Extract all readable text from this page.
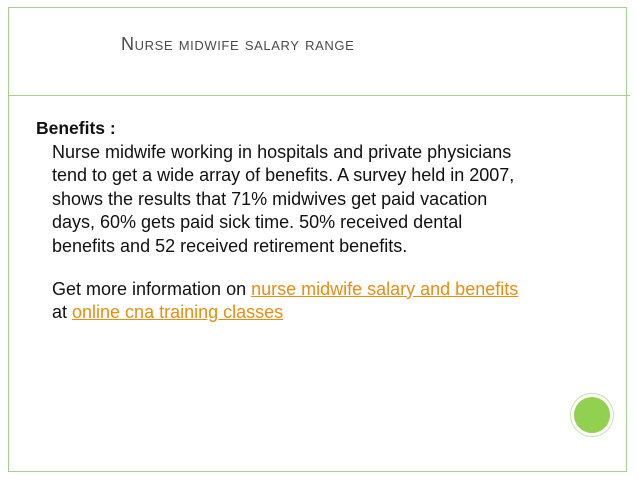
Nurse midwife salary range
Benefits :

Nurse midwife working in hospitals and private physicians tend to get a wide array of benefits. A survey held in 2007, shows the results that 71% midwives get paid vacation days, 60% gets paid sick time. 50% received dental benefits and 52 received retirement benefits.

Get more information on nurse midwife salary and benefits at online cna training classes
